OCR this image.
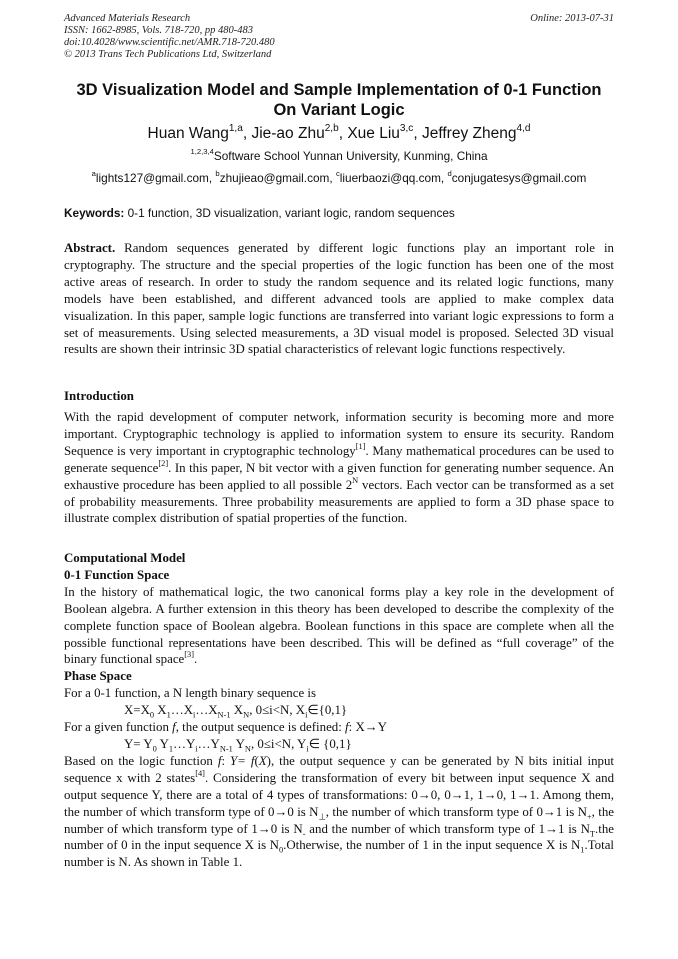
Advanced Materials Research
ISSN: 1662-8985, Vols. 718-720, pp 480-483
doi:10.4028/www.scientific.net/AMR.718-720.480
© 2013 Trans Tech Publications Ltd, Switzerland
Online: 2013-07-31
3D Visualization Model and Sample Implementation of 0-1 Function On Variant Logic
Huan Wang$^{1,a}$, Jie-ao Zhu$^{2,b}$, Xue Liu$^{3,c}$, Jeffrey Zheng$^{4,d}$
$^{1,2,3,4}$Software School Yunnan University, Kunming, China
$^a$lights127@gmail.com, $^b$zhujieao@gmail.com, $^c$liuerbaozi@qq.com, $^d$conjugatesys@gmail.com
Keywords: 0-1 function, 3D visualization, variant logic, random sequences
Abstract. Random sequences generated by different logic functions play an important role in cryptography. The structure and the special properties of the logic function has been one of the most active areas of research. In order to study the random sequence and its related logic functions, many models have been established, and different advanced tools are applied to make complex data visualization. In this paper, sample logic functions are transferred into variant logic expressions to form a set of measurements. Using selected measurements, a 3D visual model is proposed. Selected 3D visual results are shown their intrinsic 3D spatial characteristics of relevant logic functions respectively.
Introduction
With the rapid development of computer network, information security is becoming more and more important. Cryptographic technology is applied to information system to ensure its security. Random Sequence is very important in cryptographic technology[1]. Many mathematical procedures can be used to generate sequence[2]. In this paper, N bit vector with a given function for generating number sequence. An exhaustive procedure has been applied to all possible $2^N$ vectors. Each vector can be transformed as a set of probability measurements. Three probability measurements are applied to form a 3D phase space to illustrate complex distribution of spatial properties of the function.
Computational Model
0-1 Function Space
In the history of mathematical logic, the two canonical forms play a key role in the development of Boolean algebra. A further extension in this theory has been developed to describe the complexity of the complete function space of Boolean algebra. Boolean functions in this space are complete when all the possible functional representations have been described. This will be defined as “full coverage” of the binary functional space[3].
Phase Space
For a 0-1 function, a N length binary sequence is
$X=X_0$ $X_1\dots X_i\dots X_{N-1}$ $X_N$, 0≤i<N, $X_i\in\{0,1\}$
For a given function f, the output sequence is defined: f: X→Y
$Y= Y_0$ $Y_1\dots Y_i\dots Y_{N-1}$ $Y_N$, 0≤i<N, $Y_i\in$ {0,1}
Based on the logic function f: Y= f(X), the output sequence y can be generated by N bits initial input sequence x with 2 states[4]. Considering the transformation of every bit between input sequence X and output sequence Y, there are a total of 4 types of transformations: 0→0, 0→1, 1→0, 1→1. Among them, the number of which transform type of 0→0 is $N_\perp$, the number of which transform type of 0→1 is $N_+$, the number of which transform type of 1→0 is $N_-$ and the number of which transform type of 1→1 is $N_T.the$ number of 0 in the input sequence X is $N_0.Otherwise$, the number of 1 in the input sequence X is $N_1.Total$ number is N. As shown in Table 1.
